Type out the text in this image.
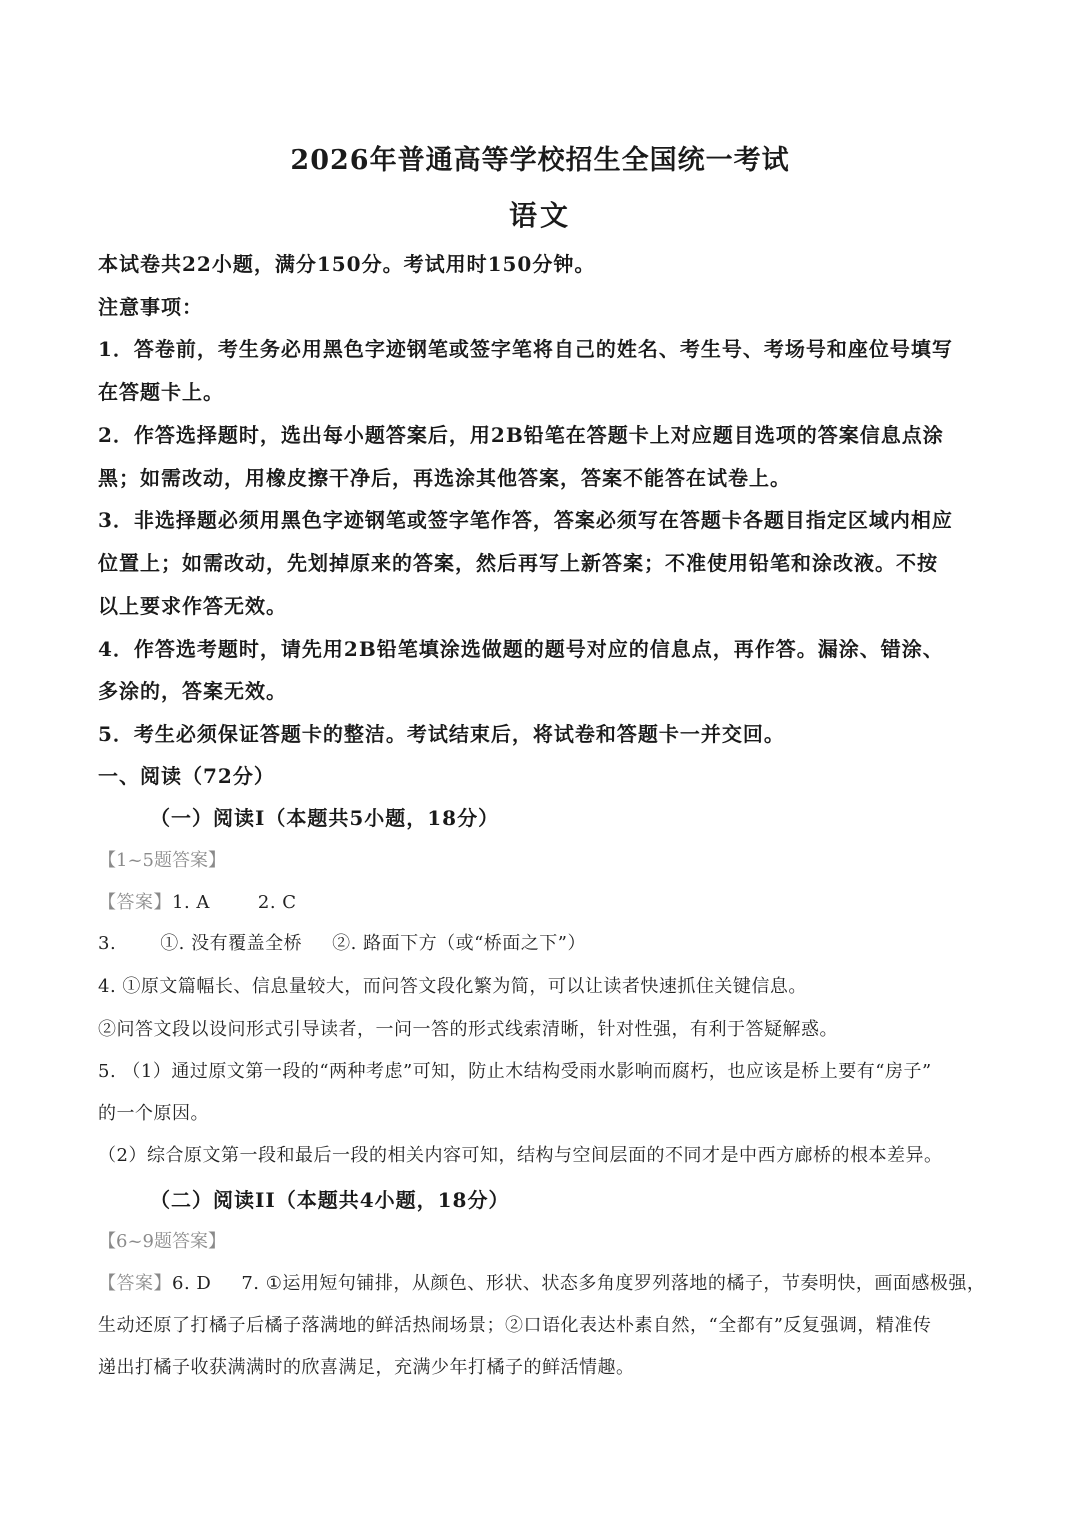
2026年普通高等学校招生全国统一考试
语文
本试卷共22小题，满分150分。考试用时150分钟。
注意事项：
1．答卷前，考生务必用黑色字迹钢笔或签字笔将自己的姓名、考生号、考场号和座位号填写
在答题卡上。
2．作答选择题时，选出每小题答案后，用2B铅笔在答题卡上对应题目选项的答案信息点涂
黑；如需改动，用橡皮擦干净后，再选涂其他答案，答案不能答在试卷上。
3．非选择题必须用黑色字迹钢笔或签字笔作答，答案必须写在答题卡各题目指定区域内相应
位置上；如需改动，先划掉原来的答案，然后再写上新答案；不准使用铅笔和涂改液。不按
以上要求作答无效。
4．作答选考题时，请先用2B铅笔填涂选做题的题号对应的信息点，再作答。漏涂、错涂、
多涂的，答案无效。
5．考生必须保证答题卡的整洁。考试结束后，将试卷和答题卡一并交回。
一、阅读（72分）
（一）阅读I（本题共5小题，18分）
【1~5题答案】
【答案】1. A	2. C
3. ①. 没有覆盖全桥 ②. 路面下方（或“桥面之下”）
4. ①原文篇幅长、信息量较大，而问答文段化繁为简，可以让读者快速抓住关键信息。
②问答文段以设问形式引导读者，一问一答的形式线索清晰，针对性强，有利于答疑解惑。
5. （1）通过原文第一段的“两种考虑”可知，防止木结构受雨水影响而腐朽，也应该是桥上要有“房子”
的一个原因。
（2）综合原文第一段和最后一段的相关内容可知，结构与空间层面的不同才是中西方廊桥的根本差异。
（二）阅读II（本题共4小题，18分）
【6~9题答案】
【答案】6. D 7. ①运用短句铺排，从颜色、形状、状态多角度罗列落地的橘子，节奏明快，画面感极强，
生动还原了打橘子后橘子落满地的鲜活热闹场景；②口语化表达朴素自然，“全都有”反复强调，精准传
递出打橘子收获满满时的欣喜满足，充满少年打橘子的鲜活情趣。
